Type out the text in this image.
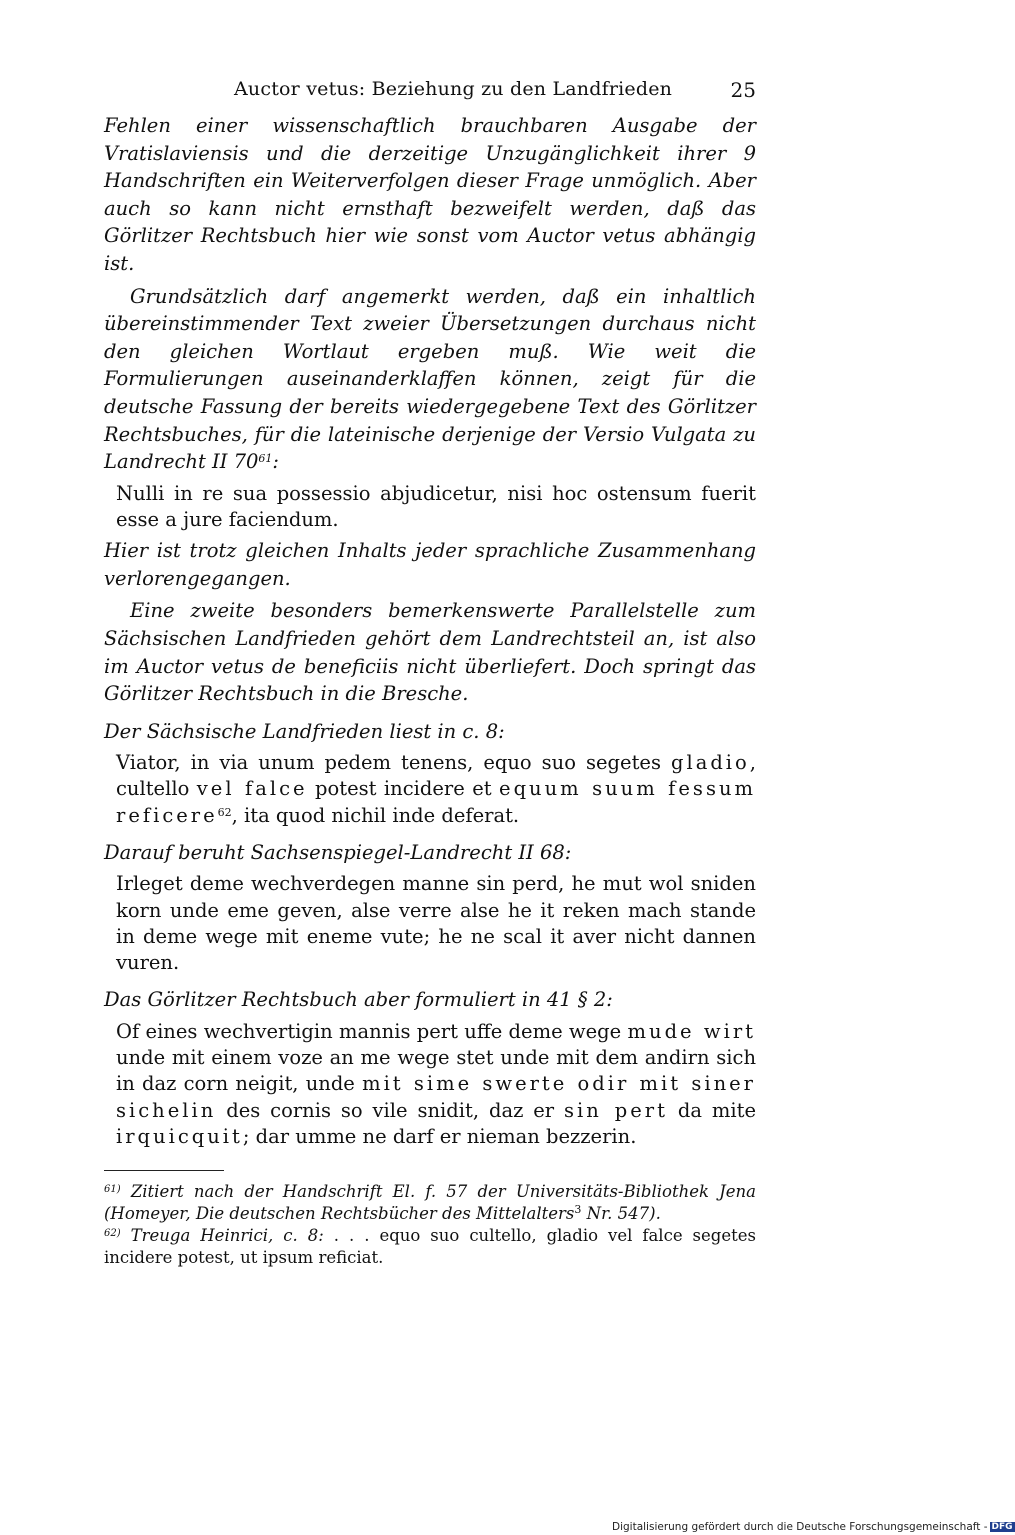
Auctor vetus: Beziehung zu den Landfrieden	25

Fehlen einer wissenschaftlich brauchbaren Ausgabe der Vratislaviensis und die derzeitige Unzugänglichkeit ihrer 9 Handschriften ein Weiterverfolgen dieser Frage unmöglich. Aber auch so kann nicht ernsthaft bezweifelt werden, daß das Görlitzer Rechtsbuch hier wie sonst vom Auctor vetus abhängig ist.

Grundsätzlich darf angemerkt werden, daß ein inhaltlich übereinstimmender Text zweier Übersetzungen durchaus nicht den gleichen Wortlaut ergeben muß. Wie weit die Formulierungen auseinanderklaffen können, zeigt für die deutsche Fassung der bereits wiedergegebene Text des Görlitzer Rechtsbuches, für die lateinische derjenige der Versio Vulgata zu Landrecht II $70^{61}$:

Nulli in re sua possessio abjudicetur, nisi hoc ostensum fuerit esse a jure faciendum.

Hier ist trotz gleichen Inhalts jeder sprachliche Zusammenhang verlorengegangen.

Eine zweite besonders bemerkenswerte Parallelstelle zum Sächsischen Landfrieden gehört dem Landrechtsteil an, ist also im Auctor vetus de beneficiis nicht überliefert. Doch springt das Görlitzer Rechtsbuch in die Bresche.

Der Sächsische Landfrieden liest in c. 8:

Viator, in via unum pedem tenens, equo suo segetes gladio, cultello vel falce potest incidere et equum suum fessum reficere$^{62}$, ita quod nichil inde deferat.

Darauf beruht Sachsenspiegel-Landrecht II 68:

Irleget deme wechverdegen manne sin perd, he mut wol sniden korn unde eme geven, alse verre alse he it reken mach stande in deme wege mit eneme vute; he ne scal it aver nicht dannen vuren.

Das Görlitzer Rechtsbuch aber formuliert in 41 § 2:

Of eines wechvertigin mannis pert uffe deme wege mude wirt unde mit einem voze an me wege stet unde mit dem andirn sich in daz corn neigit, unde mit sime swerte odir mit siner sichelin des cornis so vile snidit, daz er sin pert da mite irquicquit; dar umme ne darf er nieman bezzerin.

$^{61)}$ Zitiert nach der Handschrift El. f. 57 der Universitäts-Bibliothek Jena (Homeyer, Die deutschen Rechtsbücher des Mittelalters$^3$ Nr. 547).

$^{62)}$ Treuga Heinrici, c. 8: . . . equo suo cultello, gladio vel falce segetes incidere potest, ut ipsum reficiat.

Digitalisierung gefördert durch die Deutsche Forschungsgemeinschaft - DFG
